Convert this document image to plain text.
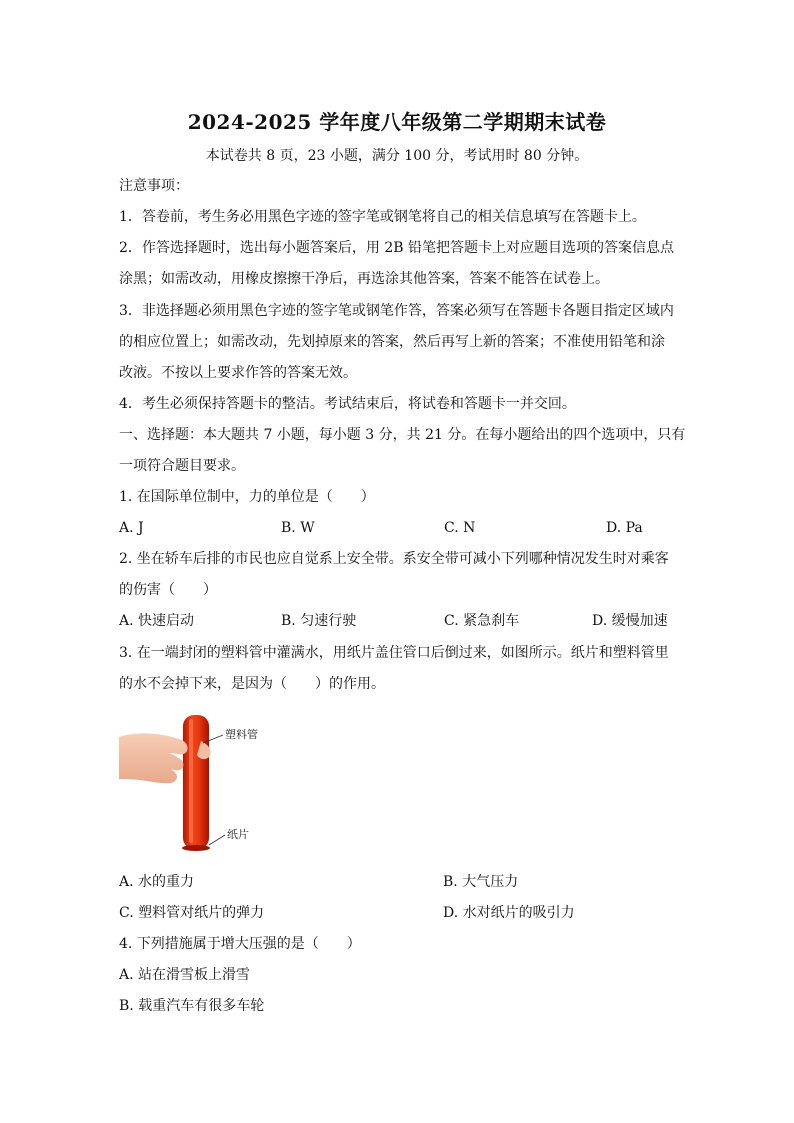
2024-2025 学年度八年级第二学期期末试卷
本试卷共 8 页，23 小题，满分 100 分，考试用时 80 分钟。
注意事项：
1．答卷前，考生务必用黑色字迹的签字笔或钢笔将自己的相关信息填写在答题卡上。
2．作答选择题时，选出每小题答案后，用 2B 铅笔把答题卡上对应题目选项的答案信息点
涂黑；如需改动，用橡皮擦擦干净后，再选涂其他答案，答案不能答在试卷上。
3．非选择题必须用黑色字迹的签字笔或钢笔作答，答案必须写在答题卡各题目指定区域内
的相应位置上；如需改动，先划掉原来的答案，然后再写上新的答案；不准使用铅笔和涂
改液。不按以上要求作答的答案无效。
4．考生必须保持答题卡的整洁。考试结束后，将试卷和答题卡一并交回。
一、选择题：本大题共 7 小题，每小题 3 分，共 21 分。在每小题给出的四个选项中，只有
一项符合题目要求。
1. 在国际单位制中，力的单位是（　　）
A. J	B. W	C. N	D. Pa
2. 坐在轿车后排的市民也应自觉系上安全带。系安全带可减小下列哪种情况发生时对乘客
的伤害（　　）
A. 快速启动	B. 匀速行驶	C. 紧急刹车	D. 缓慢加速
3. 在一端封闭的塑料管中灌满水，用纸片盖住管口后倒过来，如图所示。纸片和塑料管里
的水不会掉下来，是因为（　　）的作用。
塑料管
纸片
A. 水的重力	B. 大气压力
C. 塑料管对纸片的弹力	D. 水对纸片的吸引力
4. 下列措施属于增大压强的是（　　）
A. 站在滑雪板上滑雪
B. 载重汽车有很多车轮
